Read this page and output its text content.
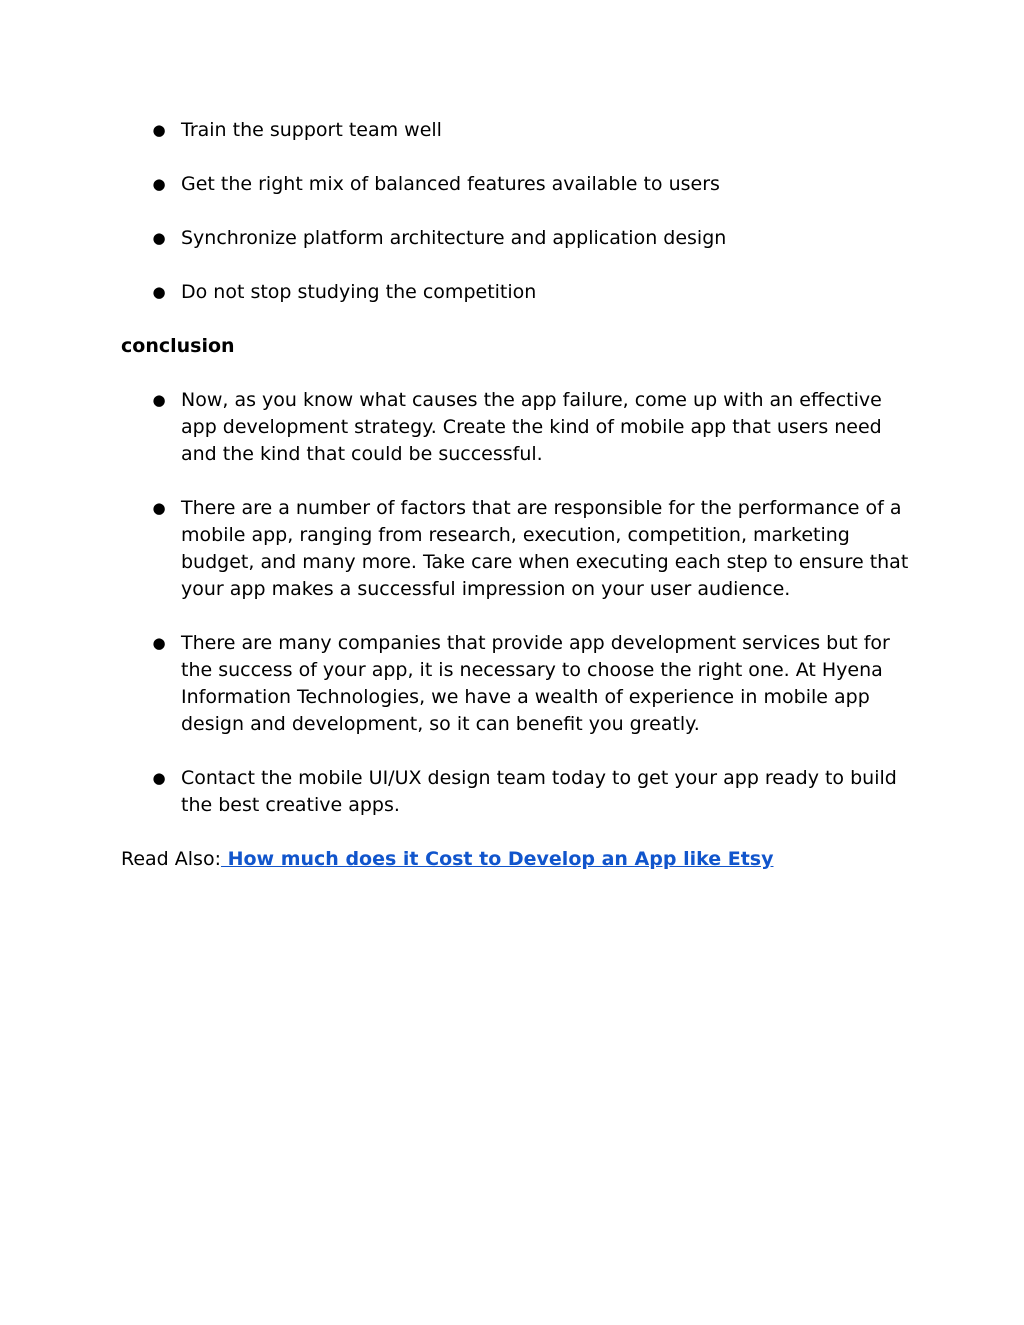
● Train the support team well
● Get the right mix of balanced features available to users
● Synchronize platform architecture and application design
● Do not stop studying the competition
conclusion
● Now, as you know what causes the app failure, come up with an effective app development strategy. Create the kind of mobile app that users need and the kind that could be successful.
● There are a number of factors that are responsible for the performance of a mobile app, ranging from research, execution, competition, marketing budget, and many more. Take care when executing each step to ensure that your app makes a successful impression on your user audience.
● There are many companies that provide app development services but for the success of your app, it is necessary to choose the right one. At Hyena Information Technologies, we have a wealth of experience in mobile app design and development, so it can benefit you greatly.
● Contact the mobile UI/UX design team today to get your app ready to build the best creative apps.

Read Also: How much does it Cost to Develop an App like Etsy
